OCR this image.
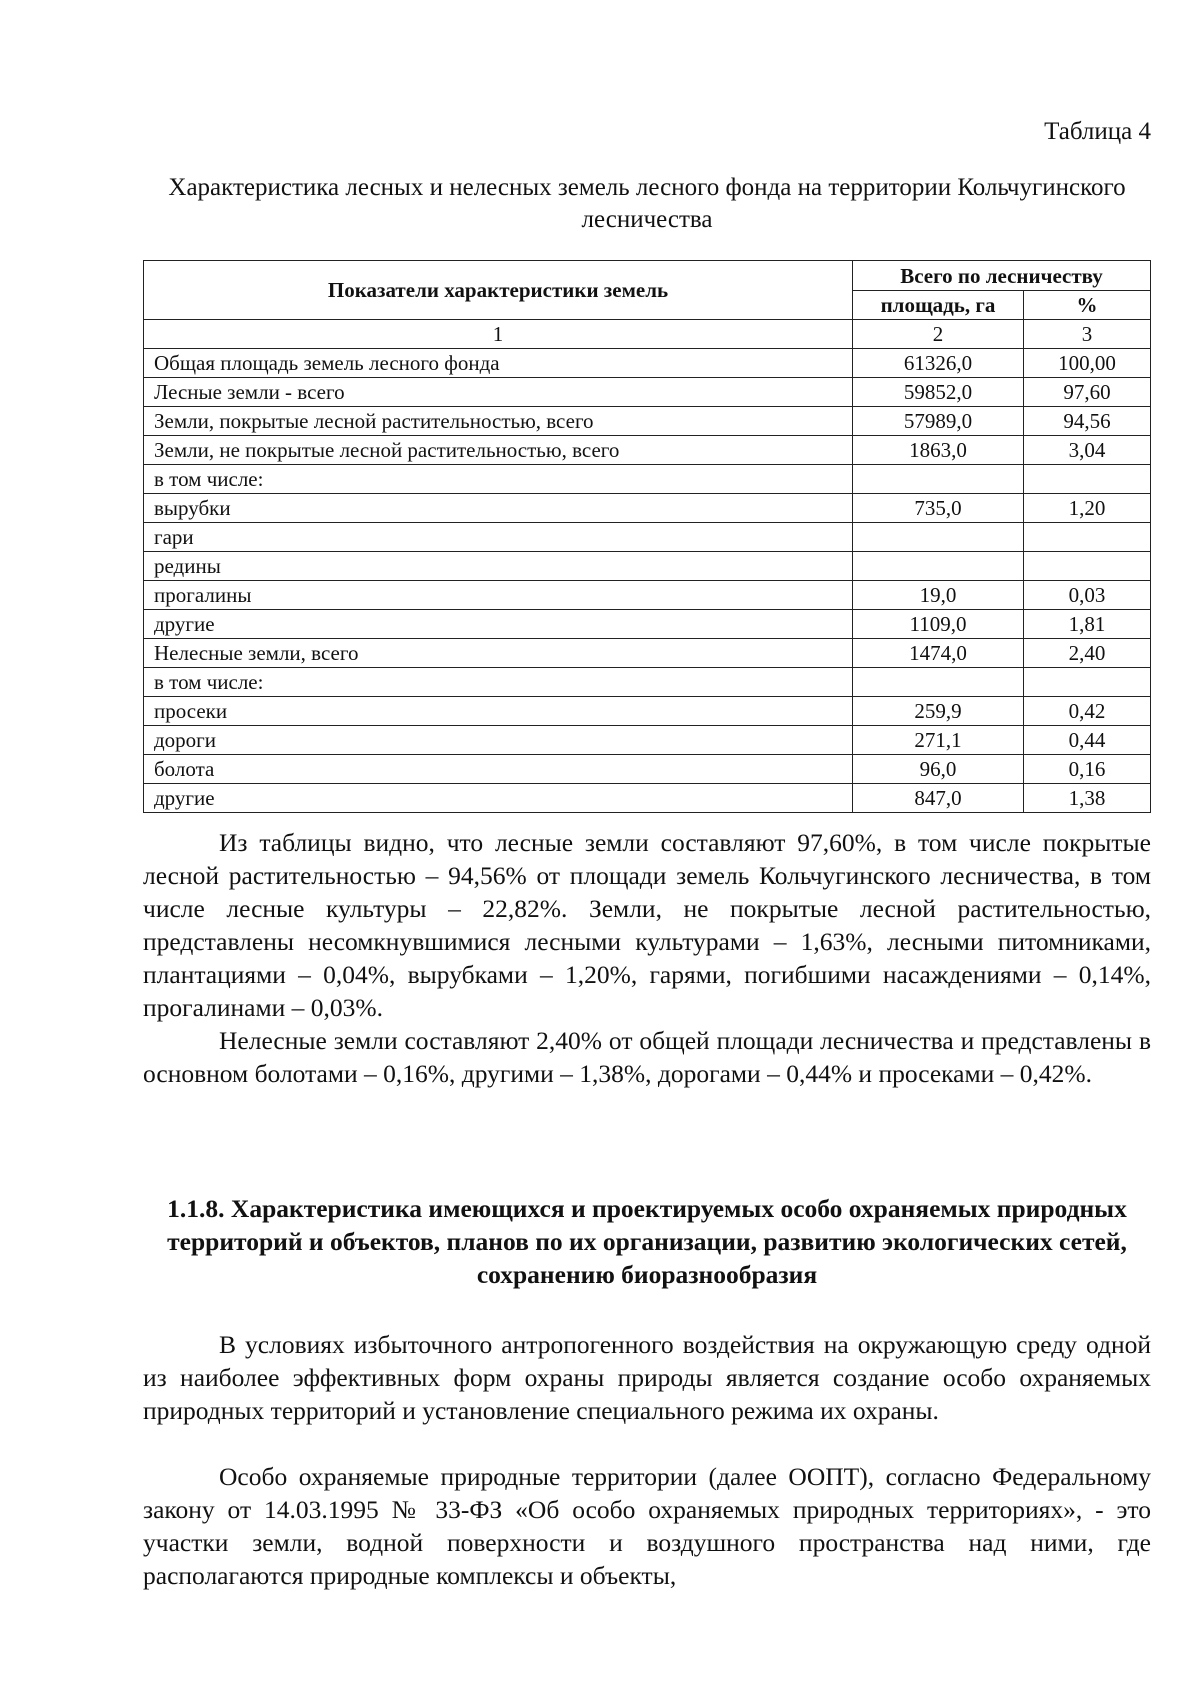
Таблица 4

Характеристика лесных и нелесных земель лесного фонда на территории Кольчугинского лесничества

Показатели характеристики земель	Всего по лесничеству	
	площадь, га	%
1	2	3
Общая площадь земель лесного фонда	61326,0	100,00
Лесные земли - всего	59852,0	97,60
Земли, покрытые лесной растительностью, всего	57989,0	94,56
Земли, не покрытые лесной растительностью, всего	1863,0	3,04
в том числе:		
вырубки	735,0	1,20
гари		
редины		
прогалины	19,0	0,03
другие	1109,0	1,81
Нелесные земли, всего	1474,0	2,40
в том числе:		
просеки	259,9	0,42
дороги	271,1	0,44
болота	96,0	0,16
другие	847,0	1,38

Из таблицы видно, что лесные земли составляют 97,60%, в том числе покрытые лесной растительностью – 94,56% от площади земель Кольчугинского лесничества, в том числе лесные культуры – 22,82%. Земли, не покрытые лесной растительностью, представлены несомкнувшимися лесными культурами – 1,63%, лесными питомниками, плантациями – 0,04%, вырубками – 1,20%, гарями, погибшими насаждениями – 0,14%, прогалинами – 0,03%.

Нелесные земли составляют 2,40% от общей площади лесничества и представлены в основном болотами – 0,16%, другими – 1,38%, дорогами – 0,44% и просеками – 0,42%.

1.1.8. Характеристика имеющихся и проектируемых особо охраняемых природных территорий и объектов, планов по их организации, развитию экологических сетей, сохранению биоразнообразия

В условиях избыточного антропогенного воздействия на окружающую среду одной из наиболее эффективных форм охраны природы является создание особо охраняемых природных территорий и установление специального режима их охраны.

Особо охраняемые природные территории (далее ООПТ), согласно Федеральному закону от 14.03.1995 № 33-ФЗ «Об особо охраняемых природных территориях», - это участки земли, водной поверхности и воздушного пространства над ними, где располагаются природные комплексы и объекты,
